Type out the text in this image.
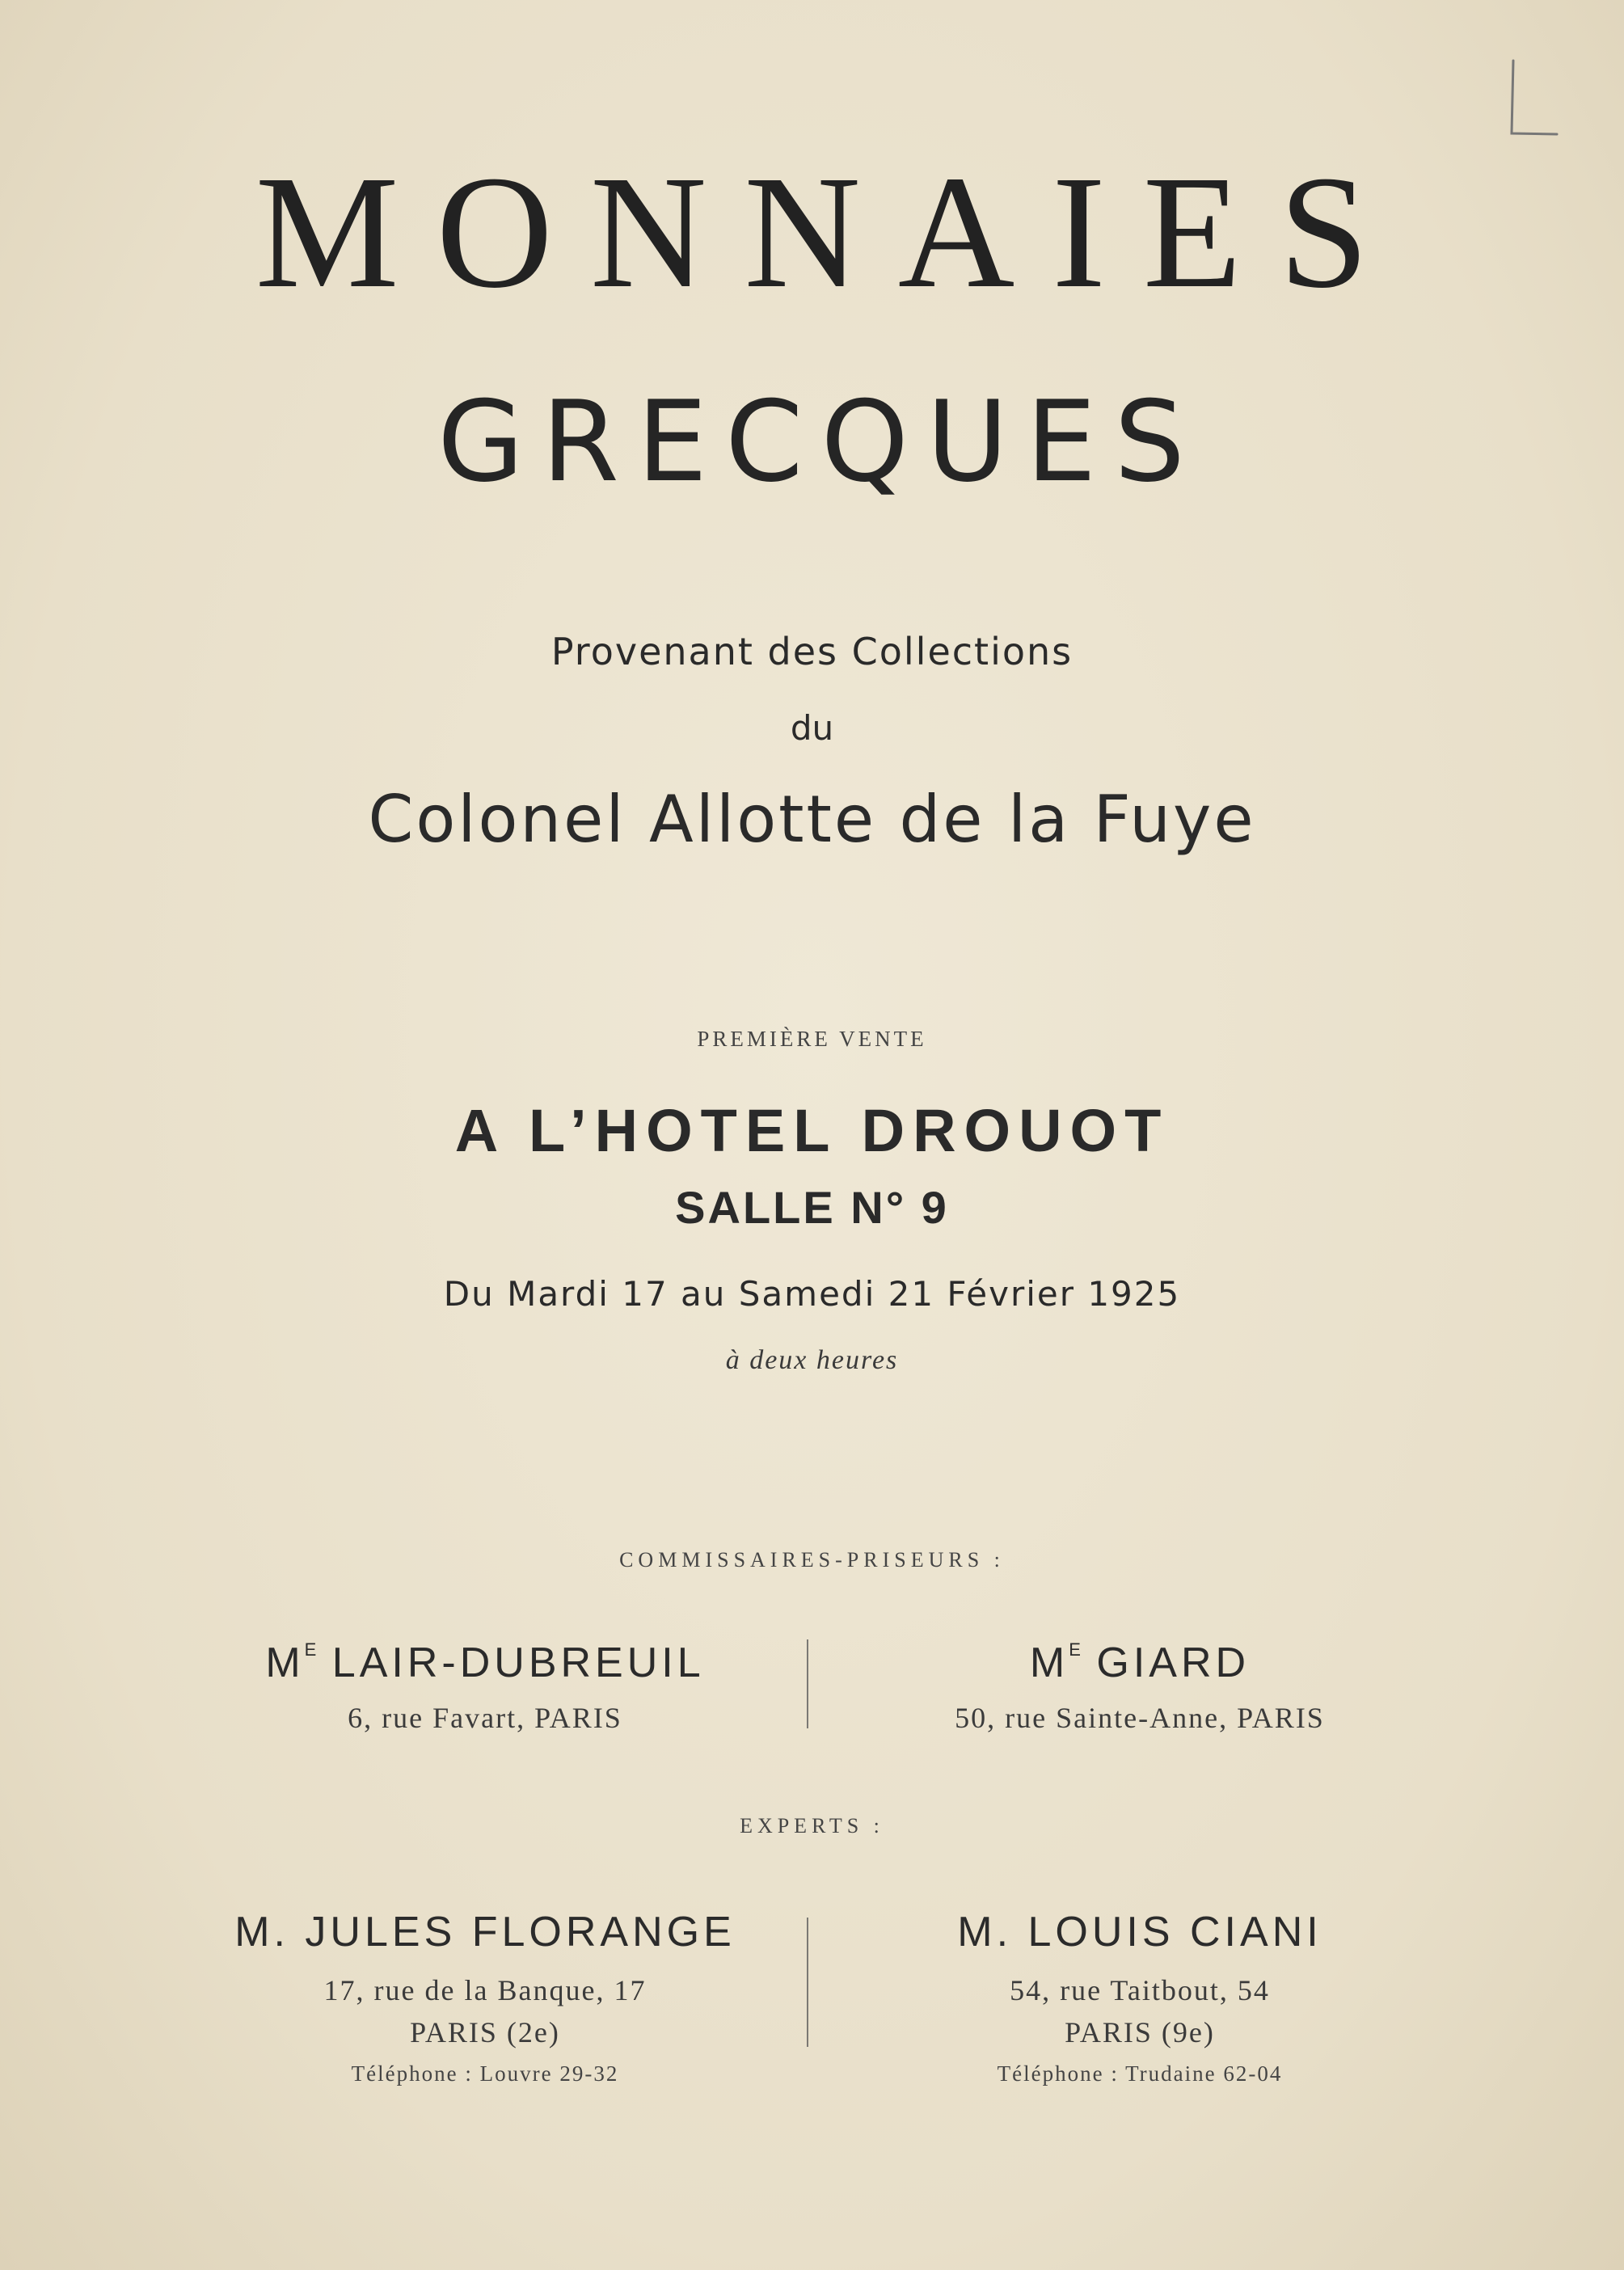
MONNAIES
GRECQUES
Provenant des Collections
du
Colonel Allotte de la Fuye
PREMIÈRE VENTE
A L’HOTEL DROUOT
SALLE N° 9
Du Mardi 17 au Samedi 21 Février 1925
à deux heures
COMMISSAIRES-PRISEURS :
$M^E$ LAIR-DUBREUIL
6, rue Favart, PARIS
$M^E$ GIARD
50, rue Sainte-Anne, PARIS
EXPERTS :
M. JULES FLORANGE
17, rue de la Banque, 17
PARIS (2e)
Téléphone : Louvre 29-32
M. LOUIS CIANI
54, rue Taitbout, 54
PARIS (9e)
Téléphone : Trudaine 62-04
